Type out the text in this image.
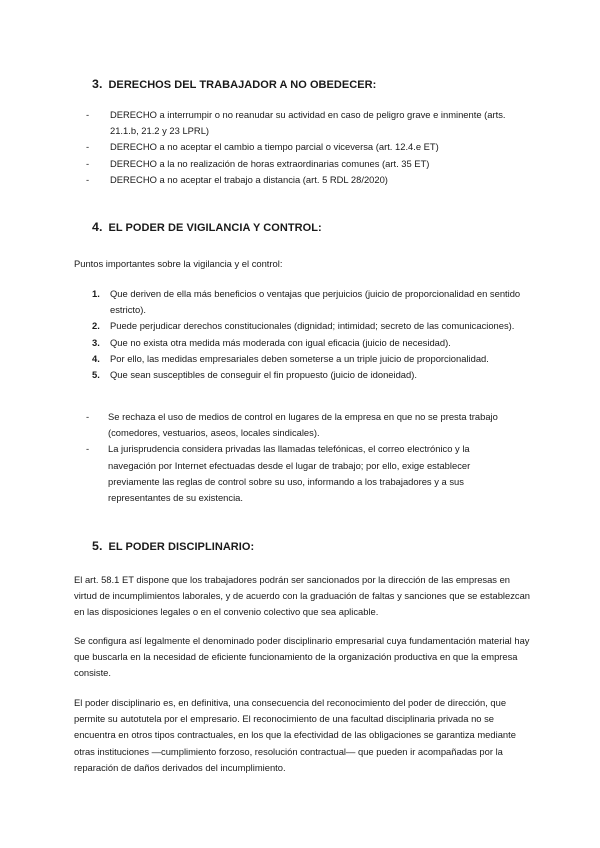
3. DERECHOS DEL TRABAJADOR A NO OBEDECER:
- DERECHO a interrumpir o no reanudar su actividad en caso de peligro grave e inminente (arts. 21.1.b, 21.2 y 23 LPRL)
- DERECHO a no aceptar el cambio a tiempo parcial o viceversa (art. 12.4.e ET)
- DERECHO a la no realización de horas extraordinarias comunes (art. 35 ET)
- DERECHO a no aceptar el trabajo a distancia (art. 5 RDL 28/2020)
4. EL PODER DE VIGILANCIA Y CONTROL:

Puntos importantes sobre la vigilancia y el control:

1. Que deriven de ella más beneficios o ventajas que perjuicios (juicio de proporcionalidad en sentido estricto).
2. Puede perjudicar derechos constitucionales (dignidad; intimidad; secreto de las comunicaciones).
3. Que no exista otra medida más moderada con igual eficacia (juicio de necesidad).
4. Por ello, las medidas empresariales deben someterse a un triple juicio de proporcionalidad.
5. Que sean susceptibles de conseguir el fin propuesto (juicio de idoneidad).
- Se rechaza el uso de medios de control en lugares de la empresa en que no se presta trabajo (comedores, vestuarios, aseos, locales sindicales).
- La jurisprudencia considera privadas las llamadas telefónicas, el correo electrónico y la navegación por Internet efectuadas desde el lugar de trabajo; por ello, exige establecer previamente las reglas de control sobre su uso, informando a los trabajadores y a sus representantes de su existencia.
5. EL PODER DISCIPLINARIO:

El art. 58.1 ET dispone que los trabajadores podrán ser sancionados por la dirección de las empresas en virtud de incumplimientos laborales, y de acuerdo con la graduación de faltas y sanciones que se establezcan en las disposiciones legales o en el convenio colectivo que sea aplicable.

Se configura así legalmente el denominado poder disciplinario empresarial cuya fundamentación material hay que buscarla en la necesidad de eficiente funcionamiento de la organización productiva en que la empresa consiste.

El poder disciplinario es, en definitiva, una consecuencia del reconocimiento del poder de dirección, que permite su autotutela por el empresario. El reconocimiento de una facultad disciplinaria privada no se encuentra en otros tipos contractuales, en los que la efectividad de las obligaciones se garantiza mediante otras instituciones —cumplimiento forzoso, resolución contractual— que pueden ir acompañadas por la reparación de daños derivados del incumplimiento.
